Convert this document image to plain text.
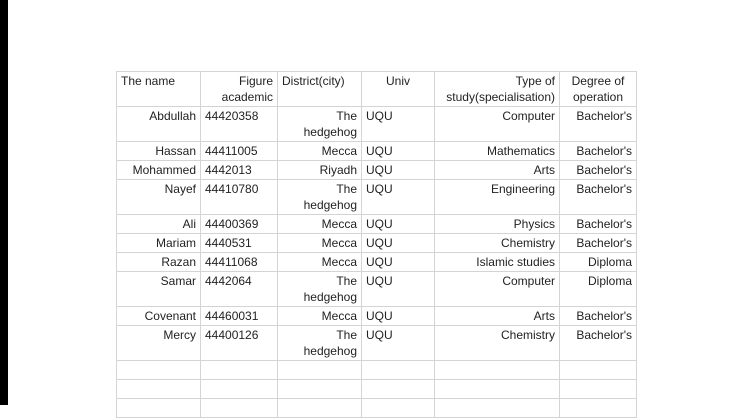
The name	Figure academic	District(city)	Univ	Type of study(specialisation)	Degree of operation
Abdullah	44420358	The hedgehog	UQU	Computer	Bachelor's
Hassan	44411005	Mecca	UQU	Mathematics	Bachelor's
Mohammed	4442013	Riyadh	UQU	Arts	Bachelor's
Nayef	44410780	The hedgehog	UQU	Engineering	Bachelor's
Ali	44400369	Mecca	UQU	Physics	Bachelor's
Mariam	4440531	Mecca	UQU	Chemistry	Bachelor's
Razan	44411068	Mecca	UQU	Islamic studies	Diploma
Samar	4442064	The hedgehog	UQU	Computer	Diploma
Covenant	44460031	Mecca	UQU	Arts	Bachelor's
Mercy	44400126	The hedgehog	UQU	Chemistry	Bachelor's
